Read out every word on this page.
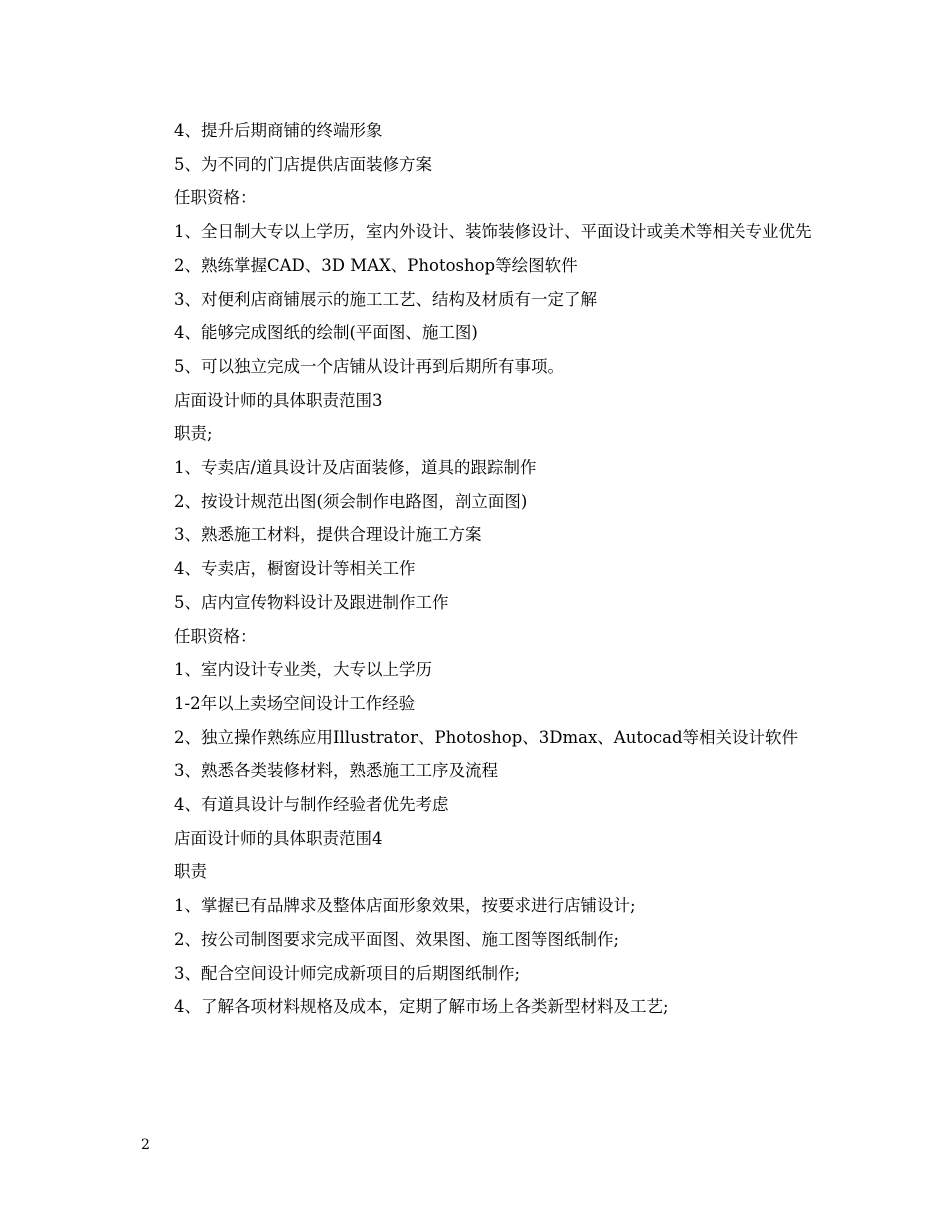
4、提升后期商铺的终端形象

5、为不同的门店提供店面装修方案

任职资格：

1、全日制大专以上学历，室内外设计、装饰装修设计、平面设计或美术等相关专业优先

2、熟练掌握CAD、3D MAX、Photoshop等绘图软件

3、对便利店商铺展示的施工工艺、结构及材质有一定了解

4、能够完成图纸的绘制(平面图、施工图)

5、可以独立完成一个店铺从设计再到后期所有事项。

店面设计师的具体职责范围3

职责;

1、专卖店/道具设计及店面装修，道具的跟踪制作

2、按设计规范出图(须会制作电路图，剖立面图)

3、熟悉施工材料，提供合理设计施工方案

4、专卖店，橱窗设计等相关工作

5、店内宣传物料设计及跟进制作工作

任职资格：

1、室内设计专业类，大专以上学历

1-2年以上卖场空间设计工作经验

2、独立操作熟练应用Illustrator、Photoshop、3Dmax、Autocad等相关设计软件

3、熟悉各类装修材料，熟悉施工工序及流程

4、有道具设计与制作经验者优先考虑

店面设计师的具体职责范围4

职责

1、掌握已有品牌求及整体店面形象效果，按要求进行店铺设计;

2、按公司制图要求完成平面图、效果图、施工图等图纸制作;

3、配合空间设计师完成新项目的后期图纸制作;

4、了解各项材料规格及成本，定期了解市场上各类新型材料及工艺;

2
